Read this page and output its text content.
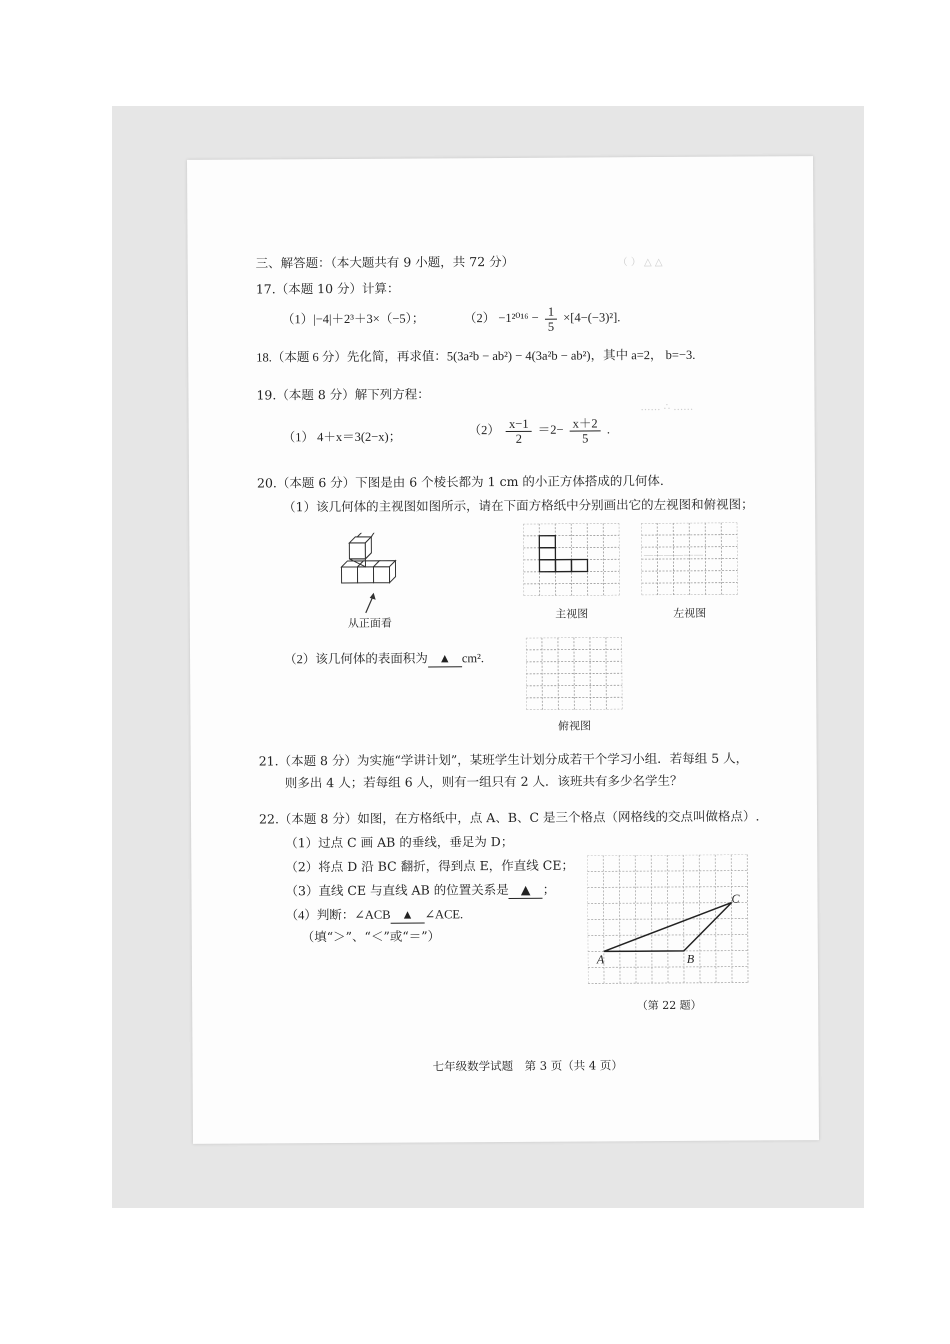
（ ） △ △
…… ∴ ……
——————
三、解答题：（本大题共有 9 小题，共 72 分）
17.（本题 10 分）计算：
（1）|−4|＋2³＋3×（−5）；	$(2) -1^{2016} - \frac{1}{5} \times[4-(-3)^2]$.
18.（本题 6 分）先化简，再求值：5(3a²b − ab²) − 4(3a²b − ab²)，其中 a=2， b=−3.
19.（本题 8 分）解下列方程：
（1） 4＋x＝3(2−x)；	$(2) \frac{x-1}{2} =2- \frac{x+2}{5}$ .
20.（本题 6 分）下图是由 6 个棱长都为 1 cm 的小正方体搭成的几何体.
（1）该几何体的主视图如图所示，请在下面方格纸中分别画出它的左视图和俯视图；
从正面看
主视图	左视图
（2）该几何体的表面积为 ▲ cm².
俯视图
21.（本题 8 分）为实施“学讲计划”，某班学生计划分成若干个学习小组．若每组 5 人，
则多出 4 人；若每组 6 人，则有一组只有 2 人．该班共有多少名学生？
22.（本题 8 分）如图，在方格纸中，点 A、B、C 是三个格点（网格线的交点叫做格点）.
（1）过点 C 画 AB 的垂线，垂足为 D；
（2）将点 D 沿 BC 翻折，得到点 E，作直线 CE；
（3）直线 CE 与直线 AB 的位置关系是 ▲ ；
（4）判断：∠ACB ▲ ∠ACE.
（填“＞”、“＜”或“＝”）
A	B
C
（第 22 题）
七年级数学试题　第 3 页（共 4 页）
